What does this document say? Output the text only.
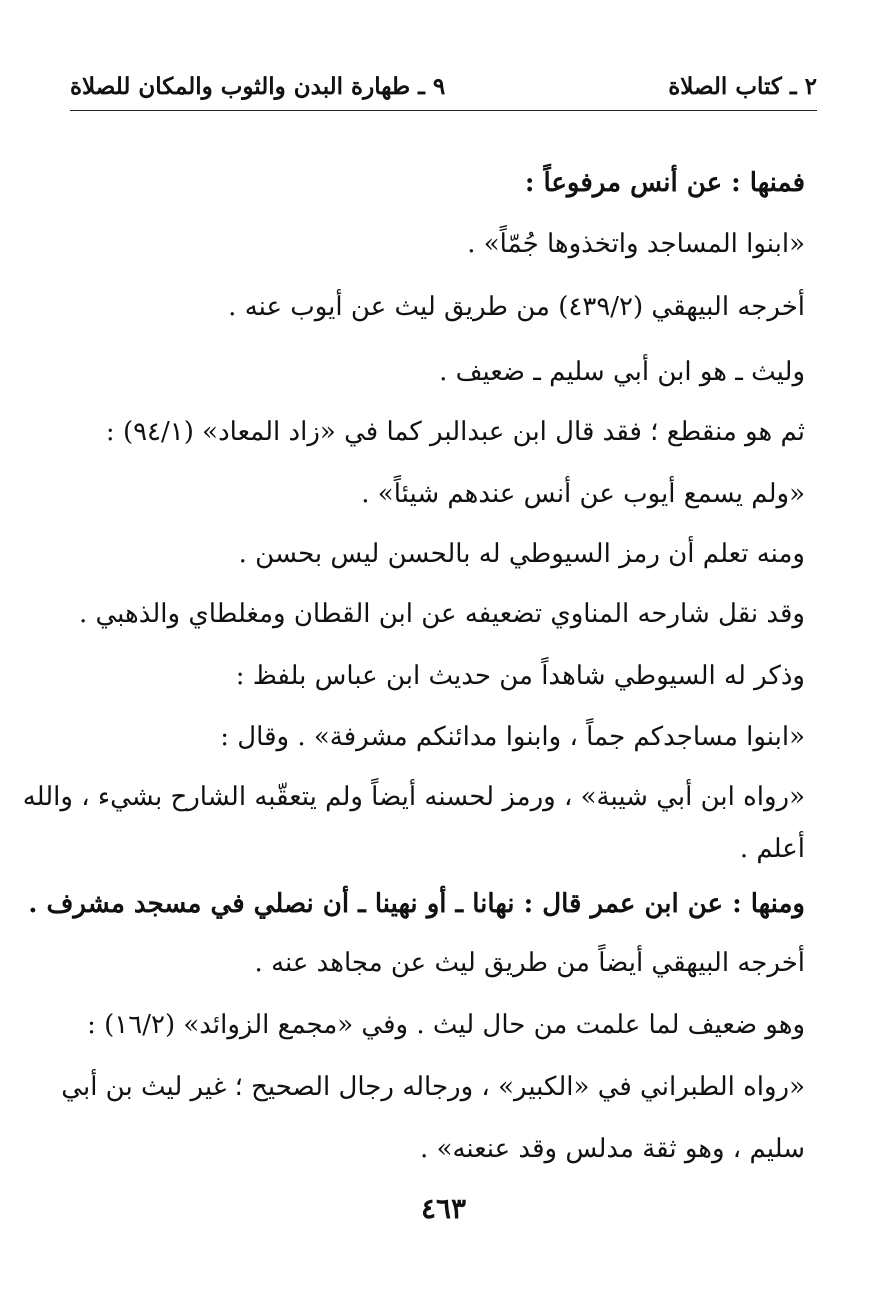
٢ ـ كتاب الصلاة
٩ ـ طهارة البدن والثوب والمكان للصلاة
فمنها : عن أنس مرفوعاً :
«ابنوا المساجد واتخذوها جُمّاً» .
أخرجه البيهقي (٤٣٩/٢) من طريق ليث عن أيوب عنه .
وليث ـ هو ابن أبي سليم ـ ضعيف .
ثم هو منقطع ؛ فقد قال ابن عبدالبر كما في «زاد المعاد» (٩٤/١) :
«ولم يسمع أيوب عن أنس عندهم شيئاً» .
ومنه تعلم أن رمز السيوطي له بالحسن ليس بحسن .
وقد نقل شارحه المناوي تضعيفه عن ابن القطان ومغلطاي والذهبي .
وذكر له السيوطي شاهداً من حديث ابن عباس بلفظ :
«ابنوا مساجدكم جماً ، وابنوا مدائنكم مشرفة» . وقال :
«رواه ابن أبي شيبة» ، ورمز لحسنه أيضاً ولم يتعقّبه الشارح بشيء ، والله
أعلم .
ومنها : عن ابن عمر قال : نهانا ـ أو نهينا ـ أن نصلي في مسجد مشرف .
أخرجه البيهقي أيضاً من طريق ليث عن مجاهد عنه .
وهو ضعيف لما علمت من حال ليث . وفي «مجمع الزوائد» (١٦/٢) :
«رواه الطبراني في «الكبير» ، ورجاله رجال الصحيح ؛ غير ليث بن أبي
سليم ، وهو ثقة مدلس وقد عنعنه» .
٤٦٣
